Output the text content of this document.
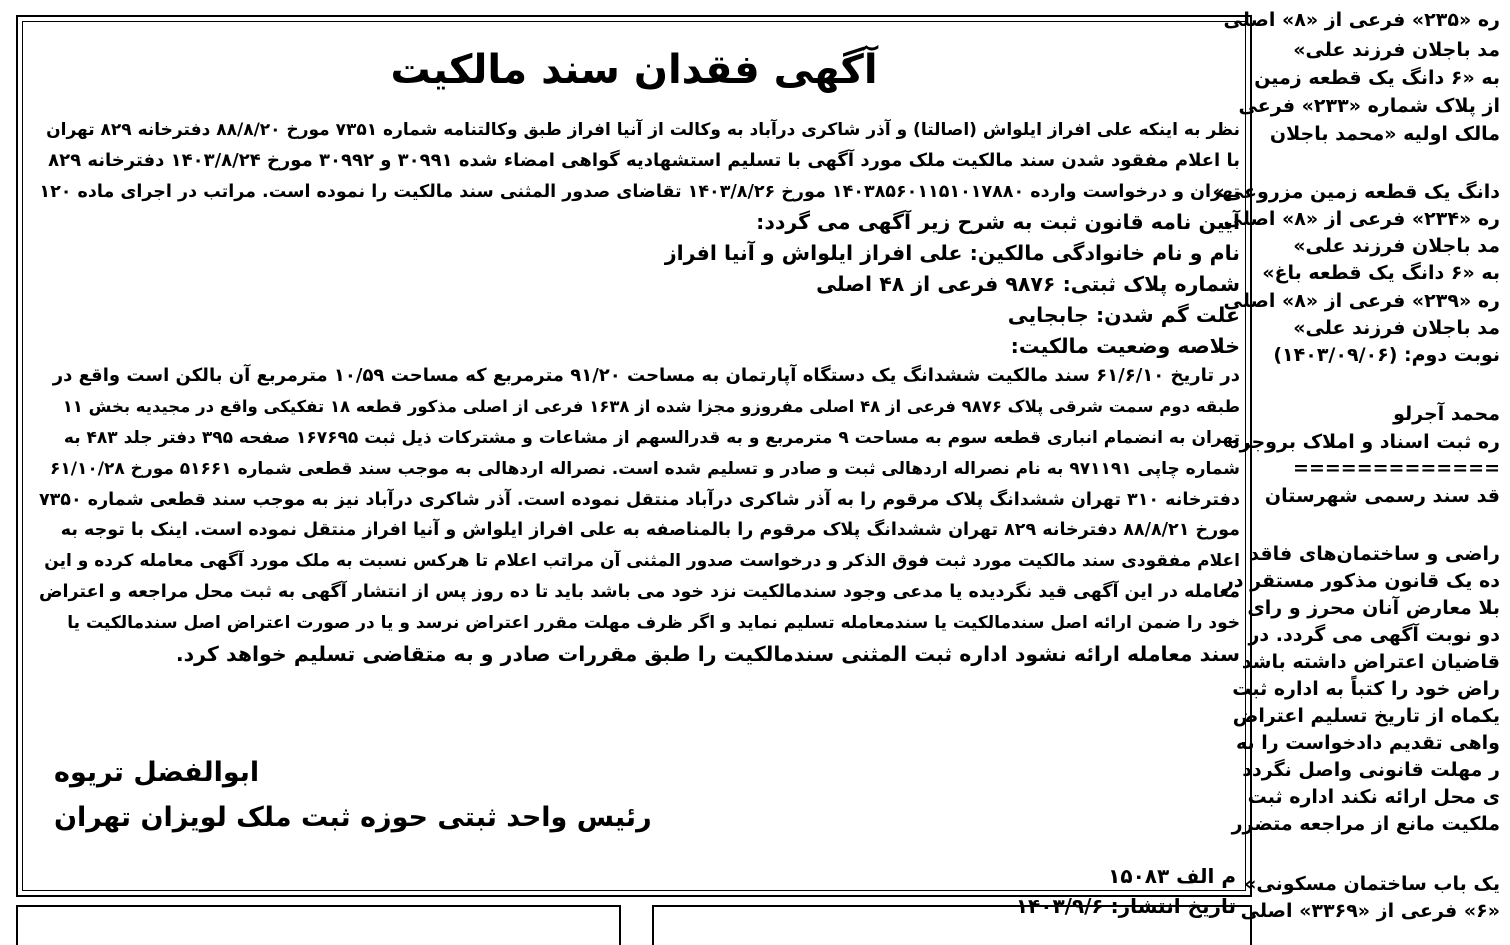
آگهی فقدان سند مالکیت
نظر به اینکه علی افراز ایلواش (اصالتا) و آذر شاکری درآباد به وکالت از آنیا افراز طبق وکالتنامه شماره ۷۳۵۱ مورخ ۸۸/۸/۲۰ دفترخانه ۸۲۹ تهران
با اعلام مفقود شدن سند مالکیت ملک مورد آگهی با تسلیم استشهادیه گواهی امضاء شده ۳۰۹۹۱ و ۳۰۹۹۲ مورخ ۱۴۰۳/۸/۲۴ دفترخانه ۸۲۹
تهران و درخواست وارده ۱۴۰۳۸۵۶۰۱۱۵۱۰۱۷۸۸۰ مورخ ۱۴۰۳/۸/۲۶ تقاضای صدور المثنی سند مالکیت را نموده است. مراتب در اجرای ماده ۱۲۰
آیین نامه قانون ثبت به شرح زیر آگهی می گردد:
نام و نام خانوادگی مالکین: علی افراز ایلواش و آنیا افراز
شماره پلاک ثبتی: ۹۸۷۶ فرعی از ۴۸ اصلی
علت گم شدن: جابجایی
خلاصه وضعیت مالکیت:
در تاریخ ۶۱/۶/۱۰ سند مالکیت ششدانگ یک دستگاه آپارتمان به مساحت ۹۱/۲۰ مترمربع که مساحت ۱۰/۵۹ مترمربع آن بالکن است واقع در
طبقه دوم سمت شرقی پلاک ۹۸۷۶ فرعی از ۴۸ اصلی مفروزو مجزا شده از ۱۶۳۸ فرعی از اصلی مذکور قطعه ۱۸ تفکیکی واقع در مجیدیه بخش ۱۱
تهران به انضمام انباری قطعه سوم به مساحت ۹ مترمربع و به قدرالسهم از مشاعات و مشترکات ذیل ثبت ۱۶۷۶۹۵ صفحه ۳۹۵ دفتر جلد ۴۸۳ به
شماره چاپی ۹۷۱۱۹۱ به نام نصراله اردهالی ثبت و صادر و تسلیم شده است. نصراله اردهالی به موجب سند قطعی شماره ۵۱۶۶۱ مورخ ۶۱/۱۰/۲۸
دفترخانه ۳۱۰ تهران ششدانگ پلاک مرقوم را به آذر شاکری درآباد منتقل نموده است. آذر شاکری درآباد نیز به موجب سند قطعی شماره ۷۳۵۰
مورخ ۸۸/۸/۲۱ دفترخانه ۸۲۹ تهران ششدانگ پلاک مرقوم را بالمناصفه به علی افراز ایلواش و آنیا افراز منتقل نموده است. اینک با توجه به
اعلام مفقودی سند مالکیت مورد ثبت فوق الذکر و درخواست صدور المثنی آن مراتب اعلام تا هرکس نسبت به ملک مورد آگهی معامله کرده و این
معامله در این آگهی قید نگردیده یا مدعی وجود سندمالکیت نزد خود می باشد باید تا ده روز پس از انتشار آگهی به ثبت محل مراجعه و اعتراض
خود را ضمن ارائه اصل سندمالکیت یا سندمعامله تسلیم نماید و اگر ظرف مهلت مقرر اعتراض نرسد و یا در صورت اعتراض اصل سندمالکیت یا
سند معامله ارائه نشود اداره ثبت المثنی سندمالکیت را طبق مقررات صادر و به متقاضی تسلیم خواهد کرد.
ابوالفضل تریوه
رئیس واحد ثبتی حوزه ثبت ملک لویزان تهران
م الف ۱۵۰۸۳
تاریخ انتشار: ۱۴۰۳/۹/۶
ره «۲۳۵» فرعی از «۸» اصلی
مد باجلان فرزند علی»
به «۶ دانگ یک قطعه زمین
از پلاک شماره «۲۳۳» فرعی
مالک اولیه «محمد باجلان
دانگ یک قطعه زمین مزروعی»
ره «۲۳۴» فرعی از «۸» اصلی
مد باجلان فرزند علی»
به «۶ دانگ یک قطعه باغ»
ره «۲۳۹» فرعی از «۸» اصلی
مد باجلان فرزند علی»
نوبت دوم: (۱۴۰۳/۰۹/۰۶)
محمد آجرلو
ره ثبت اسناد و املاک بروجرد
=============
قد سند رسمی شهرستان
راضی و ساختمان‌های فاقد
ده یک قانون مذکور مستقر در
بلا معارض آنان محرز و رای
دو نوبت آگهی می گردد. در
قاضیان اعتراض داشته باشد
راض خود را کتباً به اداره ثبت
یکماه از تاریخ تسلیم اعتراض
واهی تقدیم دادخواست را به
ر مهلت قانونی واصل نگردد
ی محل ارائه نکند اداره ثبت
ملکیت مانع از مراجعه متضرر
یک باب ساختمان مسکونی»
«۶» فرعی از «۳۳۶۹» اصلی
